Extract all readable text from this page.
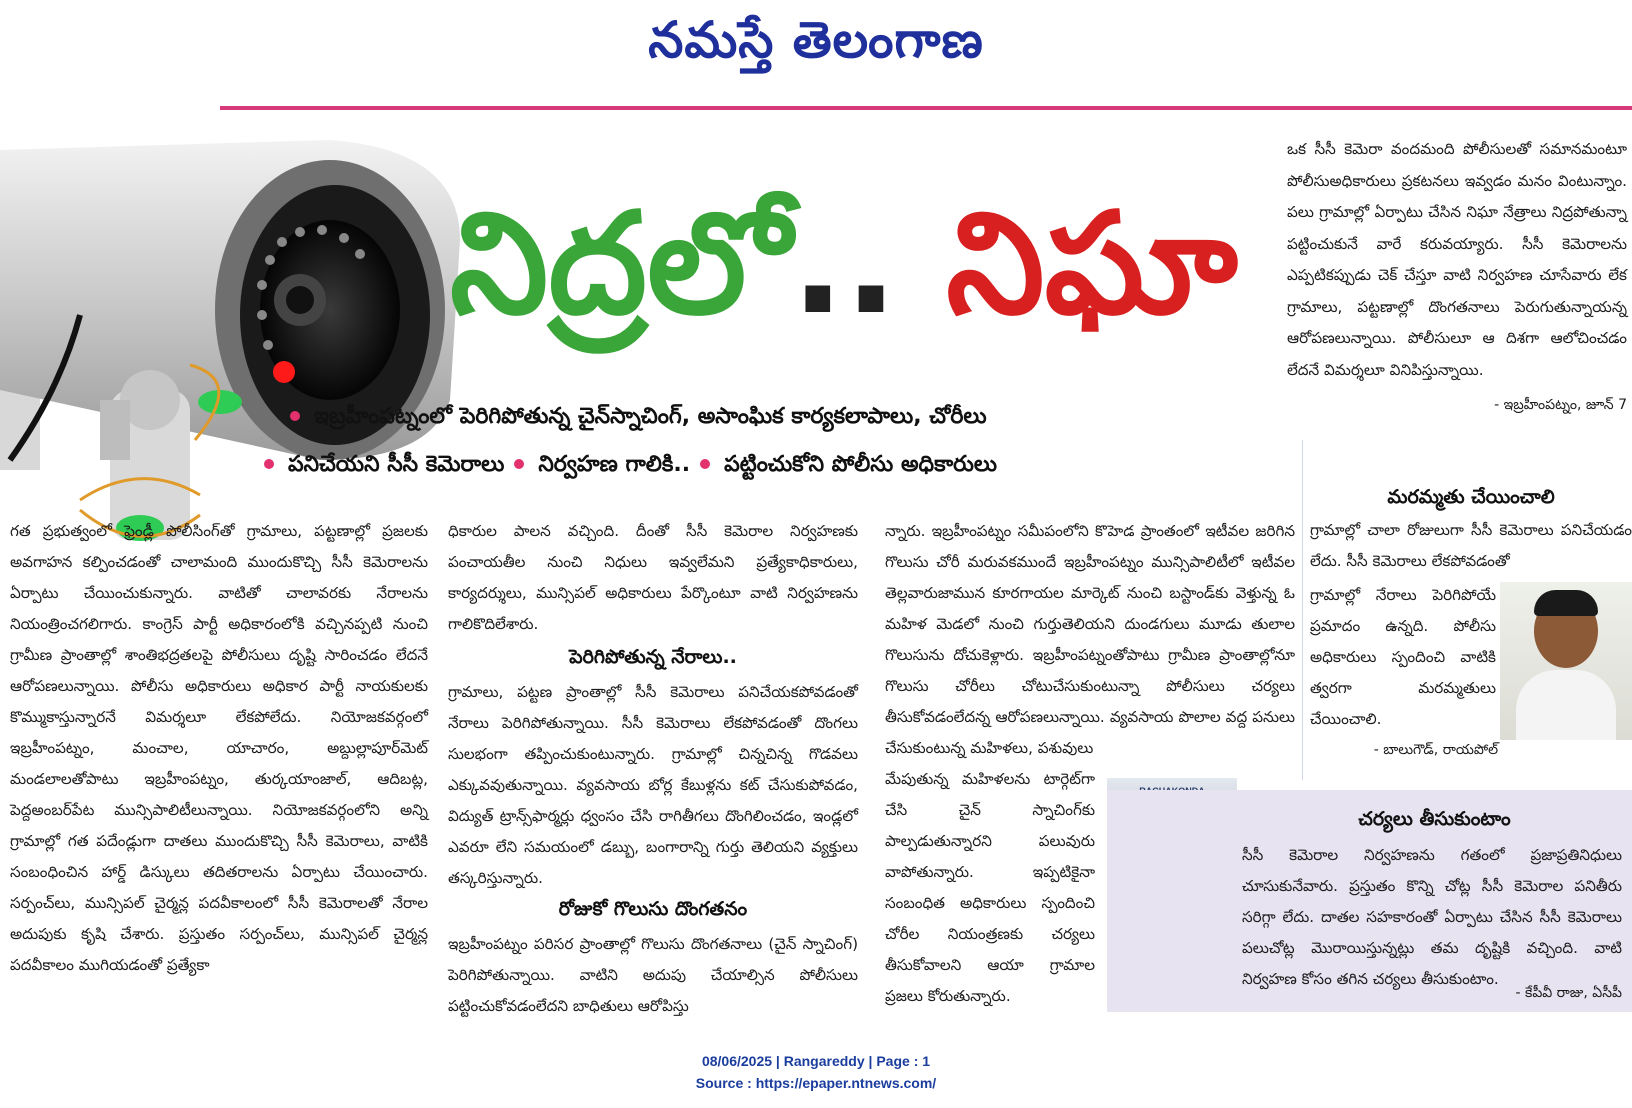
నమస్తే తెలంగాణ
నిద్రలో.. నిఘా
ఒక సీసీ కెమెరా వందమంది పోలీసులతో సమానమంటూ పోలీసుఅధికారులు ప్రకటనలు ఇవ్వడం మనం వింటున్నాం. పలు గ్రామాల్లో ఏర్పాటు చేసిన నిఘా నేత్రాలు నిద్రపోతున్నా పట్టించుకునే వారే కరువయ్యారు. సీసీ కెమెరాలను ఎప్పటికప్పుడు చెక్ చేస్తూ వాటి నిర్వహణ చూసేవారు లేక గ్రామాలు, పట్టణాల్లో దొంగతనాలు పెరుగుతున్నాయన్న ఆరోపణలున్నాయి. పోలీసులూ ఆ దిశగా ఆలోచించడం లేదనే విమర్శలూ వినిపిస్తున్నాయి.
- ఇబ్రహీంపట్నం, జూన్ 7
ఇబ్రహీంపట్నంలో పెరిగిపోతున్న చైన్‌స్నాచింగ్, అసాంఘిక కార్యకలాపాలు, చోరీలు
పనిచేయని సీసీ కెమెరాలు నిర్వహణ గాలికి.. పట్టించుకోని పోలీసు అధికారులు
గత ప్రభుత్వంలో ఫ్రెండ్లీ పోలీసింగ్‌తో గ్రామాలు, పట్టణాల్లో ప్రజలకు అవగాహన కల్పించడంతో చాలామంది ముందుకొచ్చి సీసీ కెమెరాలను ఏర్పాటు చేయించుకున్నారు. వాటితో చాలావరకు నేరాలను నియంత్రించగలిగారు. కాంగ్రెస్ పార్టీ అధికారంలోకి వచ్చినప్పటి నుంచి గ్రామీణ ప్రాంతాల్లో శాంతిభద్రతలపై పోలీసులు దృష్టి సారించడం లేదనే ఆరోపణలున్నాయి. పోలీసు అధికారులు అధికార పార్టీ నాయకులకు కొమ్ముకాస్తున్నారనే విమర్శలూ లేకపోలేదు. నియోజకవర్గంలో ఇబ్రహీంపట్నం, మంచాల, యాచారం, అబ్దుల్లాపూర్‌మెట్ మండలాలతోపాటు ఇబ్రహీంపట్నం, తుర్కయాంజాల్, ఆదిబట్ల, పెద్దఅంబర్‌పేట మున్సిపాలిటీలున్నాయి. నియోజకవర్గంలోని అన్ని గ్రామాల్లో గత పదేండ్లుగా దాతలు ముందుకొచ్చి సీసీ కెమెరాలు, వాటికి సంబంధించిన హార్డ్ డిస్కులు తదితరాలను ఏర్పాటు చేయించారు. సర్పంచ్‌లు, మున్సిపల్ చైర్మన్ల పదవీకాలంలో సీసీ కెమెరాలతో నేరాల అదుపుకు కృషి చేశారు. ప్రస్తుతం సర్పంచ్‌లు, మున్సిపల్ చైర్మన్ల పదవీకాలం ముగియడంతో ప్రత్యేకా
ధికారుల పాలన వచ్చింది. దీంతో సీసీ కెమెరాల నిర్వహణకు పంచాయతీల నుంచి నిధులు ఇవ్వలేమని ప్రత్యేకాధికారులు, కార్యదర్శులు, మున్సిపల్ అధికారులు పేర్కొంటూ వాటి నిర్వహణను గాలికొదిలేశారు.
పెరిగిపోతున్న నేరాలు..
గ్రామాలు, పట్టణ ప్రాంతాల్లో సీసీ కెమెరాలు పనిచేయకపోవడంతో నేరాలు పెరిగిపోతున్నాయి. సీసీ కెమెరాలు లేకపోవడంతో దొంగలు సులభంగా తప్పించుకుంటున్నారు. గ్రామాల్లో చిన్నచిన్న గొడవలు ఎక్కువవుతున్నాయి. వ్యవసాయ బోర్ల కేబుళ్లను కట్ చేసుకుపోవడం, విద్యుత్ ట్రాన్స్‌ఫార్మర్లు ధ్వంసం చేసి రాగితీగలు దొంగిలించడం, ఇండ్లలో ఎవరూ లేని సమయంలో డబ్బు, బంగారాన్ని గుర్తు తెలియని వ్యక్తులు తస్కరిస్తున్నారు.
రోజుకో గొలుసు దొంగతనం
ఇబ్రహీంపట్నం పరిసర ప్రాంతాల్లో గొలుసు దొంగతనాలు (చైన్ స్నాచింగ్) పెరిగిపోతున్నాయి. వాటిని అదుపు చేయాల్సిన పోలీసులు పట్టించుకోవడంలేదని బాధితులు ఆరోపిస్తు
న్నారు. ఇబ్రహీంపట్నం సమీపంలోని కొహెడ ప్రాంతంలో ఇటీవల జరిగిన గొలుసు చోరీ మరువకముందే ఇబ్రహీంపట్నం మున్సిపాలిటీలో ఇటీవల తెల్లవారుజామున కూరగాయల మార్కెట్ నుంచి బస్టాండ్‌కు వెళ్తున్న ఓ మహిళ మెడలో నుంచి గుర్తుతెలియని దుండగులు మూడు తులాల గొలుసును దోచుకెళ్లారు. ఇబ్రహీంపట్నంతోపాటు గ్రామీణ ప్రాంతాల్లోనూ గొలుసు చోరీలు చోటుచేసుకుంటున్నా పోలీసులు చర్యలు తీసుకోవడంలేదన్న ఆరోపణలున్నాయి. వ్యవసాయ పొలాల వద్ద పనులు చేసుకుంటున్న మహిళలు, పశువులు
మేపుతున్న మహిళలను టార్గెట్‌గా చేసి చైన్ స్నాచింగ్‌కు పాల్పడుతున్నారని పలువురు వాపోతున్నారు. ఇప్పటికైనా సంబంధిత అధికారులు స్పందించి చోరీల నియంత్రణకు చర్యలు తీసుకోవాలని ఆయా గ్రామాల ప్రజలు కోరుతున్నారు.
మరమ్మతు చేయించాలి
గ్రామాల్లో చాలా రోజులుగా సీసీ కెమెరాలు పనిచేయడం లేదు. సీసీ కెమెరాలు లేకపోవడంతో
గ్రామాల్లో నేరాలు పెరిగిపోయే ప్రమాదం ఉన్నది. పోలీసు అధికారులు స్పందించి వాటికి త్వరగా మరమ్మతులు చేయించాలి.
- బాలుగౌడ్, రాయపోల్
చర్యలు తీసుకుంటాం
సీసీ కెమెరాల నిర్వహణను గతంలో ప్రజాప్రతినిధులు చూసుకునేవారు. ప్రస్తుతం కొన్ని చోట్ల సీసీ కెమెరాల పనితీరు సరిగ్గా లేదు. దాతల సహకారంతో ఏర్పాటు చేసిన సీసీ కెమెరాలు పలుచోట్ల మొరాయిస్తున్నట్లు తమ దృష్టికి వచ్చింది. వాటి నిర్వహణ కోసం తగిన చర్యలు తీసుకుంటాం.
- కేపీవీ రాజు, ఏసీపీ
08/06/2025 | Rangareddy | Page : 1
Source : https://epaper.ntnews.com/
